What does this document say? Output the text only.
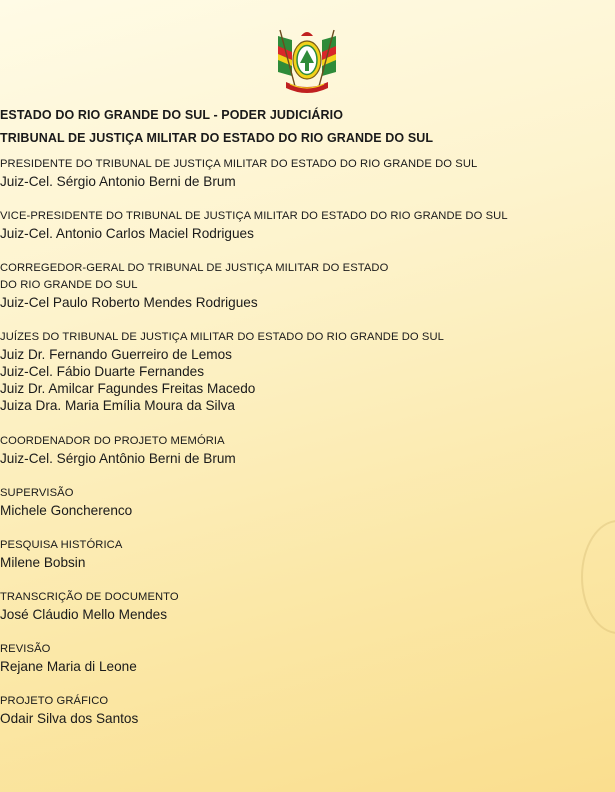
ESTADO DO RIO GRANDE DO SUL - PODER JUDICIÁRIO
TRIBUNAL DE JUSTIÇA MILITAR DO ESTADO DO RIO GRANDE DO SUL
PRESIDENTE DO TRIBUNAL DE JUSTIÇA MILITAR DO ESTADO DO RIO GRANDE DO SUL
Juiz-Cel. Sérgio Antonio Berni de Brum
VICE-PRESIDENTE DO TRIBUNAL DE JUSTIÇA MILITAR DO ESTADO DO RIO GRANDE DO SUL
Juiz-Cel. Antonio Carlos Maciel Rodrigues
CORREGEDOR-GERAL DO TRIBUNAL DE JUSTIÇA MILITAR DO ESTADO
DO RIO GRANDE DO SUL
Juiz-Cel Paulo Roberto Mendes Rodrigues
JUÍZES DO TRIBUNAL DE JUSTIÇA MILITAR DO ESTADO DO RIO GRANDE DO SUL
Juiz Dr. Fernando Guerreiro de Lemos
Juiz-Cel. Fábio Duarte Fernandes
Juiz Dr. Amilcar Fagundes Freitas Macedo
Juiza Dra. Maria Emília Moura da Silva
COORDENADOR DO PROJETO MEMÓRIA
Juiz-Cel. Sérgio Antônio Berni de Brum
SUPERVISÃO
Michele Goncherenco
PESQUISA HISTÓRICA
Milene Bobsin
TRANSCRIÇÃO DE DOCUMENTO
José Cláudio Mello Mendes
REVISÃO
Rejane Maria di Leone
PROJETO GRÁFICO
Odair Silva dos Santos
